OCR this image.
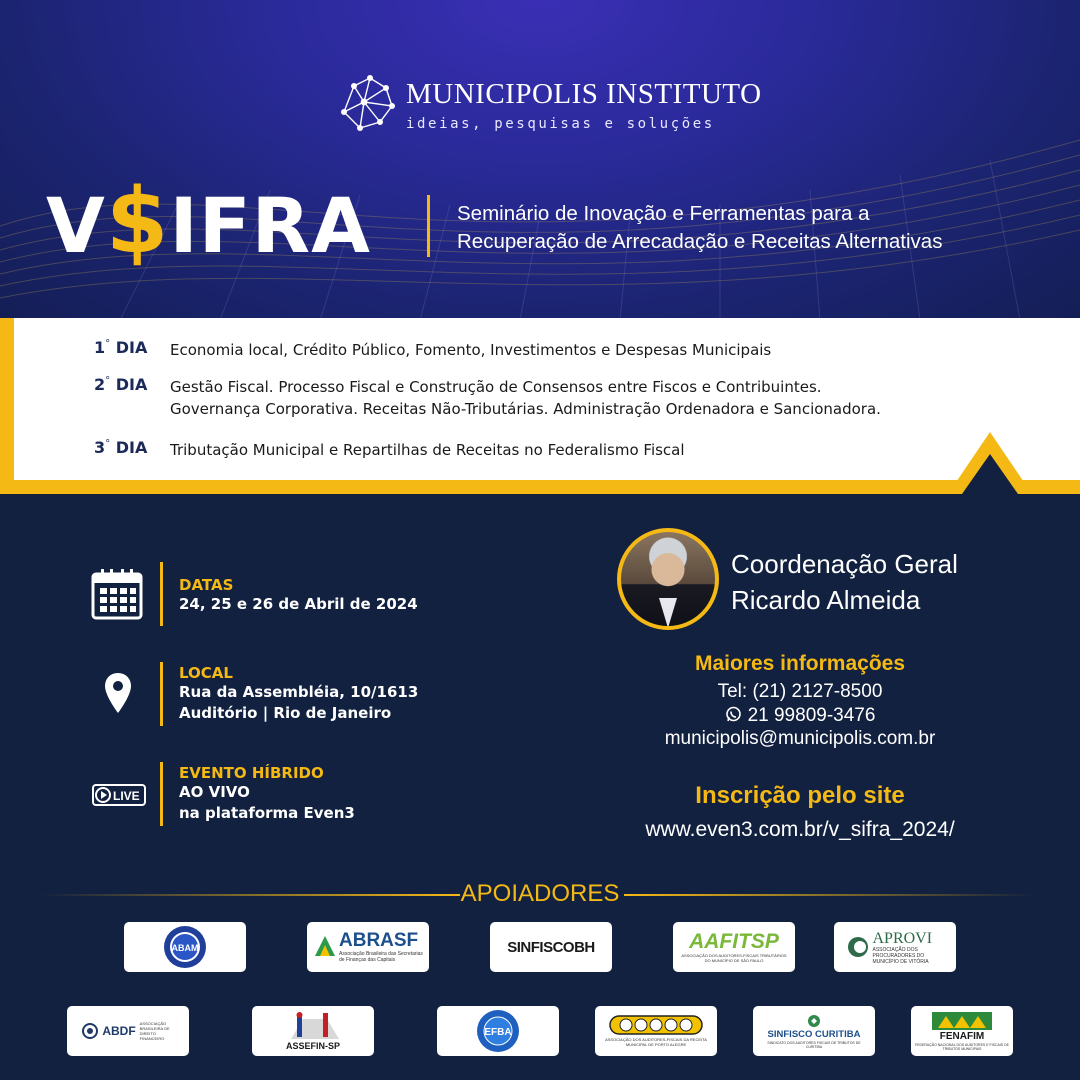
MUNICIPOLIS INSTITUTO
ideias, pesquisas e soluções
V$IFRA	Seminário de Inovação e Ferramentas para a
Recuperação de Arrecadação e Receitas Alternativas
1° DIA Economia local, Crédito Público, Fomento, Investimentos e Despesas Municipais
2° DIA Gestão Fiscal. Processo Fiscal e Construção de Consensos entre Fiscos e Contribuintes.
Governança Corporativa. Receitas Não-Tributárias. Administração Ordenadora e Sancionadora.
3° DIA Tributação Municipal e Repartilhas de Receitas no Federalismo Fiscal
DATAS
24, 25 e 26 de Abril de 2024
LOCAL
Rua da Assembléia, 10/1613
Auditório | Rio de Janeiro
LIVE
EVENTO HÍBRIDO
AO VIVO
na plataforma Even3
Coordenação Geral
Ricardo Almeida
Maiores informações
Tel: (21) 2127-8500
21 99809-3476
municipolis@municipolis.com.br
Inscrição pelo site
www.even3.com.br/v_sifra_2024/
APOIADORES
ABAM	ABRASF
Associação Brasileira das Secretarias de Finanças das Capitais
SINFISCOBH	AAFITSP
ASSOCIAÇÃO DOS AUDITORES-FISCAIS TRIBUTÁRIOS DO MUNICÍPIO DE SÃO PAULO
APROVI
ASSOCIAÇÃO DOS PROCURADORES DO MUNICÍPIO DE VITÓRIA
ABDF
ASSOCIAÇÃO BRASILEIRA DE DIREITO FINANCEIRO
ASSEFIN-SP
EFBA
ASSOCIAÇÃO DOS AUDITORES-FISCAIS DA RECEITA MUNICIPAL DE PORTO ALEGRE
SINFISCO CURITIBA
SINDICATO DOS AUDITORES FISCAIS DE TRIBUTOS DE CURITIBA
FENAFIM
FEDERAÇÃO NACIONAL DOS AUDITORES E FISCAIS DE TRIBUTOS MUNICIPAIS
